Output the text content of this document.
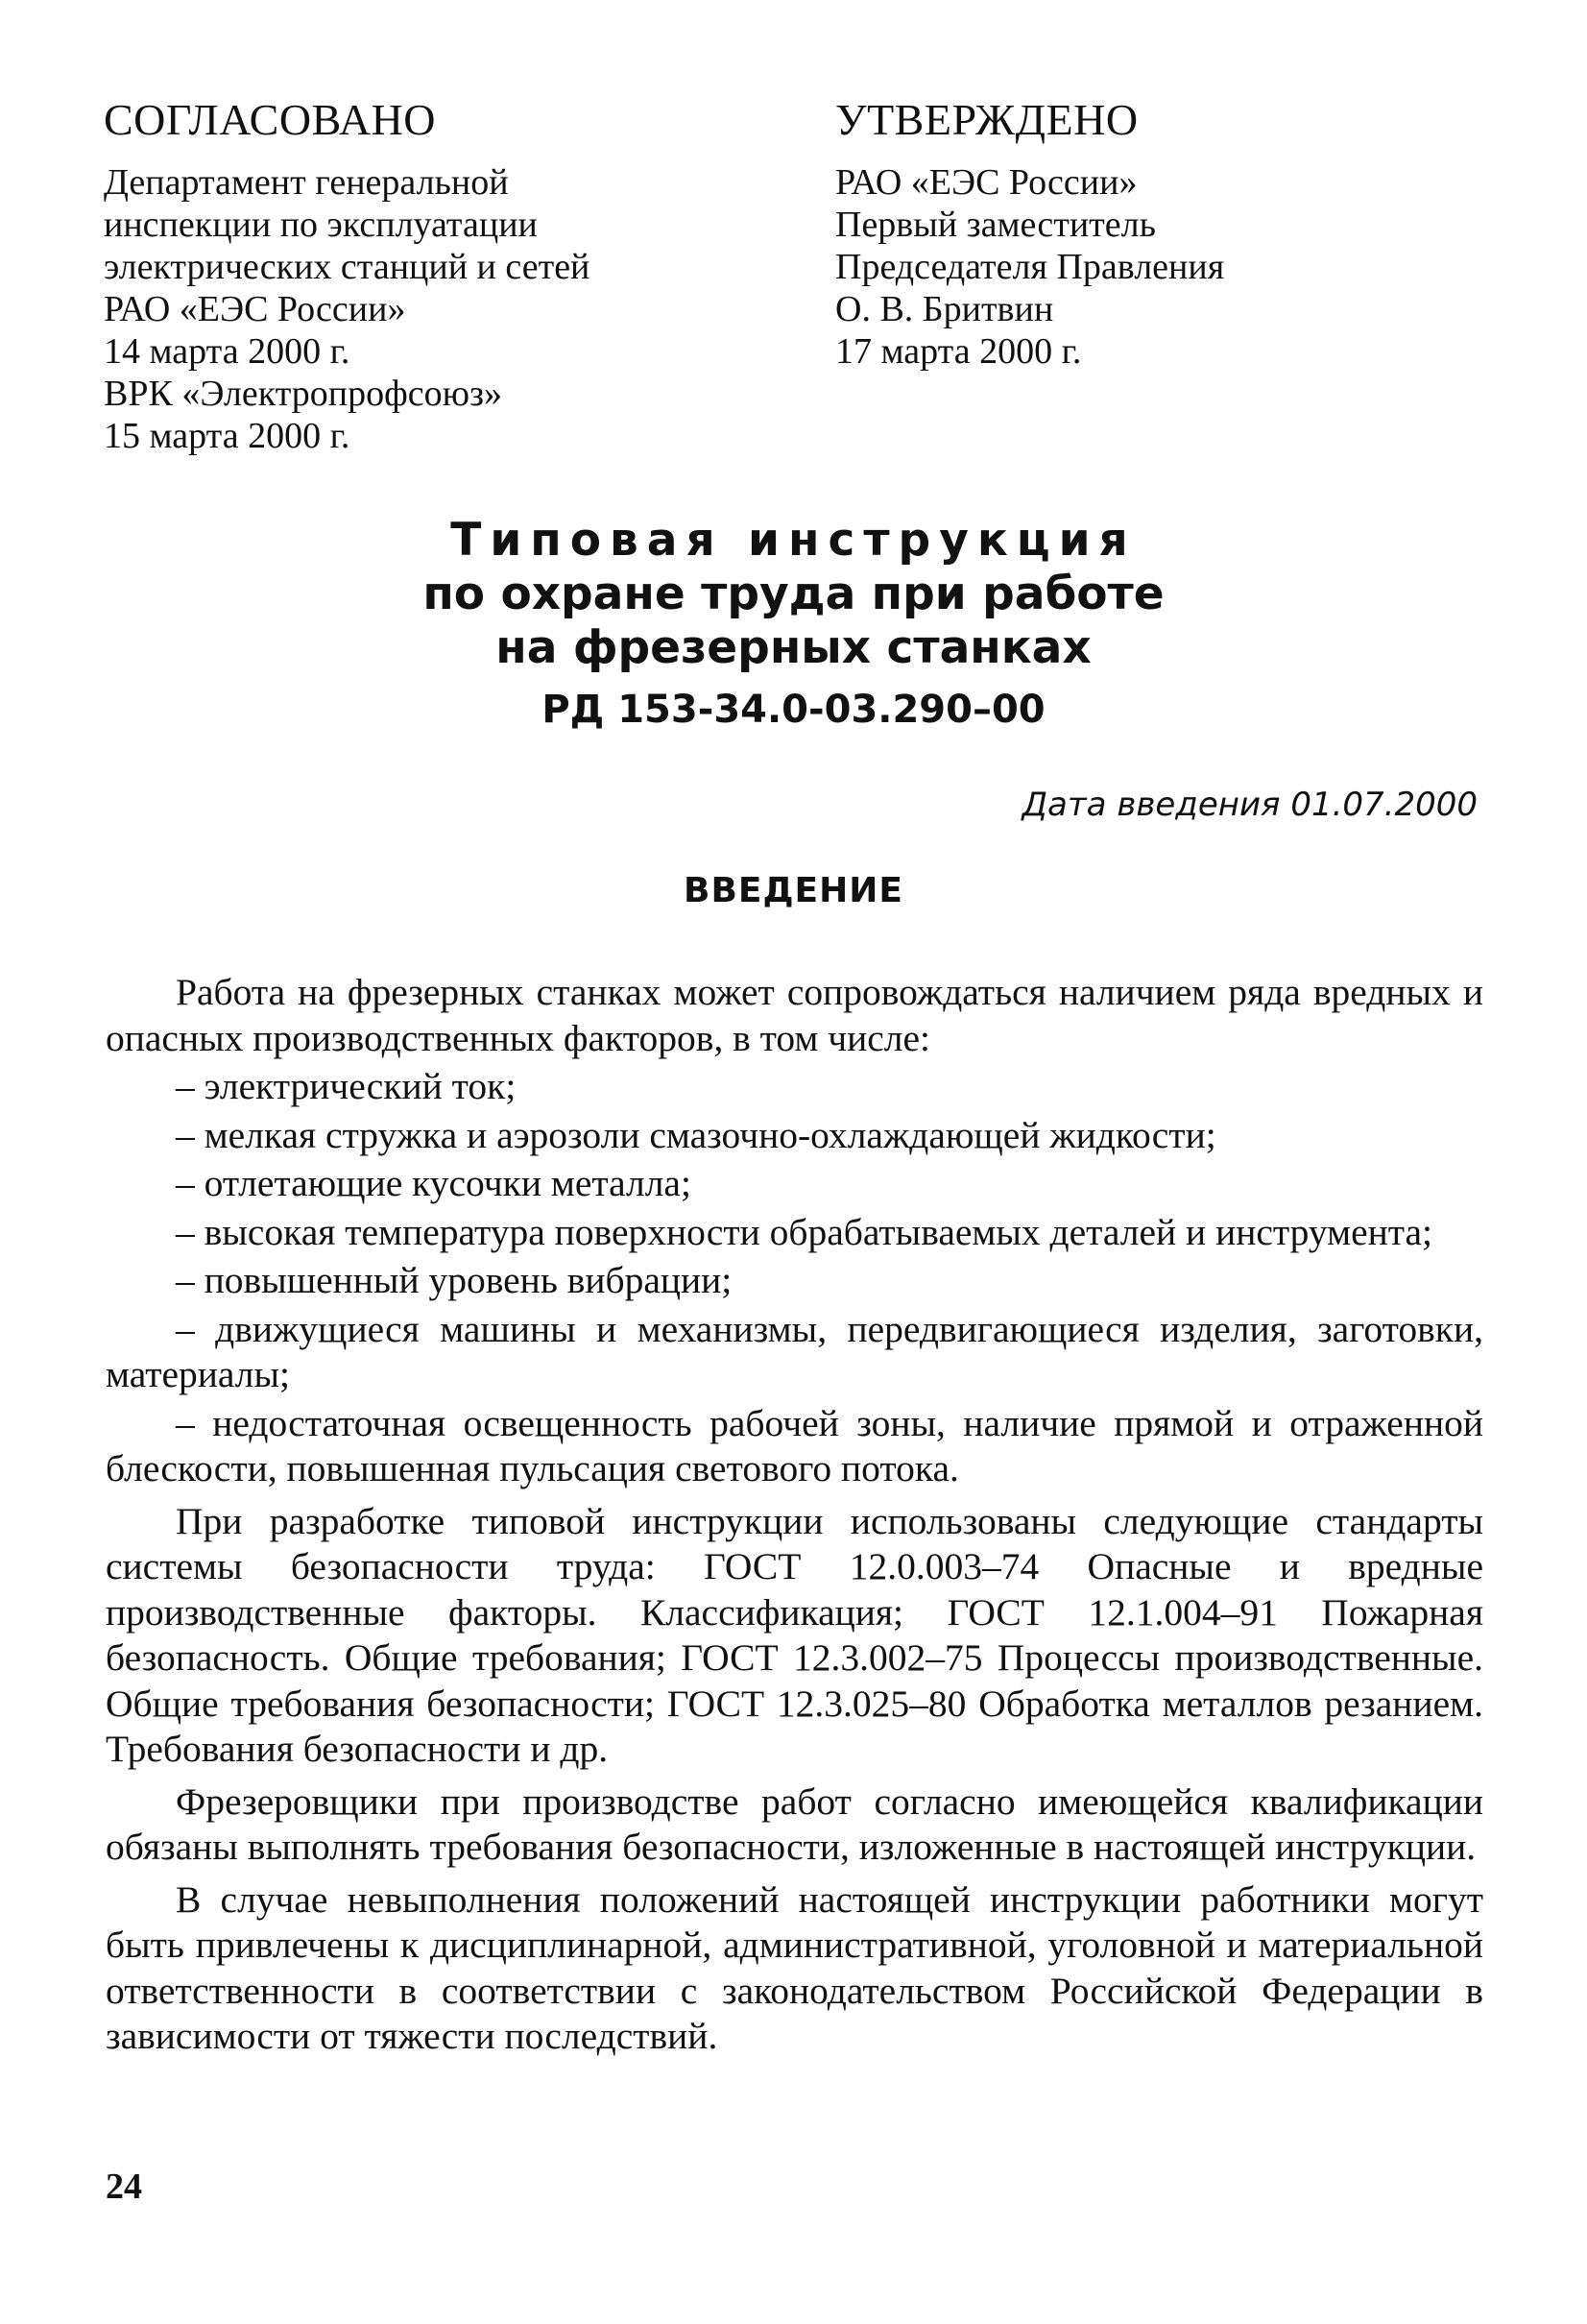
СОГЛАСОВАНО
Департамент генеральной
инспекции по эксплуатации
электрических станций и сетей
РАО «ЕЭС России»
14 марта 2000 г.
ВРК «Электропрофсоюз»
15 марта 2000 г.
УТВЕРЖДЕНО
РАО «ЕЭС России»
Первый заместитель
Председателя Правления
О. В. Бритвин
17 марта 2000 г.
Типовая инструкция
по охране труда при работе
на фрезерных станках
РД 153-34.0-03.290–00
Дата введения 01.07.2000
ВВЕДЕНИЕ

Работа на фрезерных станках может сопровождаться наличием ряда вредных и опасных производственных факторов, в том числе:

– электрический ток;

– мелкая стружка и аэрозоли смазочно-охлаждающей жидкости;

– отлетающие кусочки металла;

– высокая температура поверхности обрабатываемых деталей и инструмента;

– повышенный уровень вибрации;

– движущиеся машины и механизмы, передвигающиеся изделия, заготовки, материалы;

– недостаточная освещенность рабочей зоны, наличие прямой и отраженной блескости, повышенная пульсация светового потока.

При разработке типовой инструкции использованы следующие стандарты системы безопасности труда: ГОСТ 12.0.003–74 Опасные и вредные производственные факторы. Классификация; ГОСТ 12.1.004–91 Пожарная безопасность. Общие требования; ГОСТ 12.3.002–75 Процессы производственные. Общие требования безопасности; ГОСТ 12.3.025–80 Обработка металлов резанием. Требования безопасности и др.

Фрезеровщики при производстве работ согласно имеющейся квалификации обязаны выполнять требования безопасности, изложенные в настоящей инструкции.

В случае невыполнения положений настоящей инструкции работники могут быть привлечены к дисциплинарной, административной, уголовной и материальной ответственности в соответствии с законодательством Российской Федерации в зависимости от тяжести последствий.

24
